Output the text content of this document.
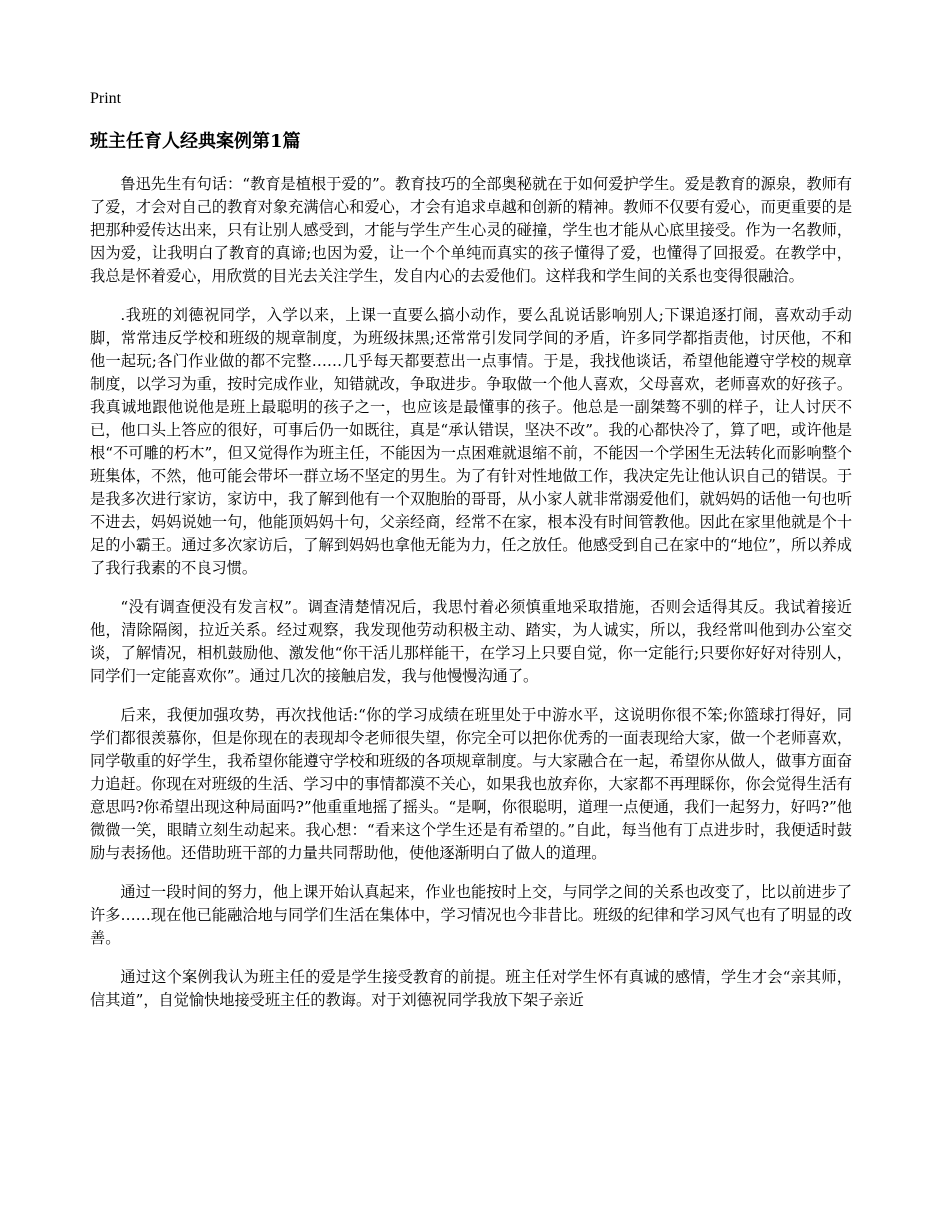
Print
班主任育人经典案例第1篇

鲁迅先生有句话：“教育是植根于爱的”。教育技巧的全部奥秘就在于如何爱护学生。爱是教育的源泉，教师有了爱，才会对自己的教育对象充满信心和爱心，才会有追求卓越和创新的精神。教师不仅要有爱心，而更重要的是把那种爱传达出来，只有让别人感受到，才能与学生产生心灵的碰撞，学生也才能从心底里接受。作为一名教师，因为爱，让我明白了教育的真谛;也因为爱，让一个个单纯而真实的孩子懂得了爱，也懂得了回报爱。在教学中，我总是怀着爱心，用欣赏的目光去关注学生，发自内心的去爱他们。这样我和学生间的关系也变得很融洽。

.我班的刘德祝同学，入学以来，上课一直要么搞小动作，要么乱说话影响别人;下课追逐打闹，喜欢动手动脚，常常违反学校和班级的规章制度，为班级抹黑;还常常引发同学间的矛盾，许多同学都指责他，讨厌他，不和他一起玩;各门作业做的都不完整……几乎每天都要惹出一点事情。于是，我找他谈话，希望他能遵守学校的规章制度，以学习为重，按时完成作业，知错就改，争取进步。争取做一个他人喜欢，父母喜欢，老师喜欢的好孩子。我真诚地跟他说他是班上最聪明的孩子之一，也应该是最懂事的孩子。他总是一副桀骜不驯的样子，让人讨厌不已，他口头上答应的很好，可事后仍一如既往，真是“承认错误，坚决不改”。我的心都快冷了，算了吧，或许他是根“不可雕的朽木”，但又觉得作为班主任，不能因为一点困难就退缩不前，不能因一个学困生无法转化而影响整个班集体，不然，他可能会带坏一群立场不坚定的男生。为了有针对性地做工作，我决定先让他认识自己的错误。于是我多次进行家访，家访中，我了解到他有一个双胞胎的哥哥，从小家人就非常溺爱他们，就妈妈的话他一句也听不进去，妈妈说她一句，他能顶妈妈十句，父亲经商，经常不在家，根本没有时间管教他。因此在家里他就是个十足的小霸王。通过多次家访后，了解到妈妈也拿他无能为力，任之放任。他感受到自己在家中的“地位”，所以养成了我行我素的不良习惯。

“没有调查便没有发言权”。调查清楚情况后，我思忖着必须慎重地采取措施，否则会适得其反。我试着接近他，清除隔阂，拉近关系。经过观察，我发现他劳动积极主动、踏实，为人诚实，所以，我经常叫他到办公室交谈，了解情况，相机鼓励他、激发他“你干活儿那样能干，在学习上只要自觉，你一定能行;只要你好好对待别人，同学们一定能喜欢你”。通过几次的接触启发，我与他慢慢沟通了。

后来，我便加强攻势，再次找他话:“你的学习成绩在班里处于中游水平，这说明你很不笨;你篮球打得好，同学们都很羡慕你，但是你现在的表现却令老师很失望，你完全可以把你优秀的一面表现给大家，做一个老师喜欢，同学敬重的好学生，我希望你能遵守学校和班级的各项规章制度。与大家融合在一起，希望你从做人，做事方面奋力追赶。你现在对班级的生活、学习中的事情都漠不关心，如果我也放弃你，大家都不再理睬你，你会觉得生活有意思吗?你希望出现这种局面吗?”他重重地摇了摇头。“是啊，你很聪明，道理一点便通，我们一起努力，好吗?”他微微一笑，眼睛立刻生动起来。我心想：“看来这个学生还是有希望的。”自此，每当他有丁点进步时，我便适时鼓励与表扬他。还借助班干部的力量共同帮助他，使他逐渐明白了做人的道理。

通过一段时间的努力，他上课开始认真起来，作业也能按时上交，与同学之间的关系也改变了，比以前进步了许多……现在他已能融洽地与同学们生活在集体中，学习情况也今非昔比。班级的纪律和学习风气也有了明显的改善。

通过这个案例我认为班主任的爱是学生接受教育的前提。班主任对学生怀有真诚的感情，学生才会“亲其师，信其道”，自觉愉快地接受班主任的教诲。对于刘德祝同学我放下架子亲近
